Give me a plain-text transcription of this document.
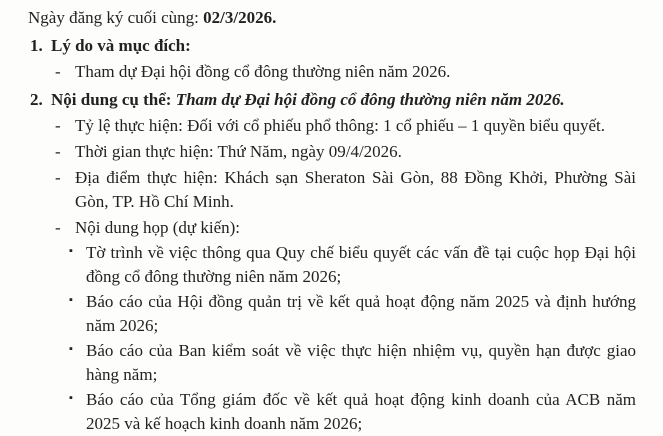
Ngày đăng ký cuối cùng: 02/3/2026.

1. Lý do và mục đích:

- Tham dự Đại hội đồng cổ đông thường niên năm 2026.

2. Nội dung cụ thể: Tham dự Đại hội đồng cổ đông thường niên năm 2026.

- Tỷ lệ thực hiện: Đối với cổ phiếu phổ thông: 1 cổ phiếu – 1 quyền biểu quyết.

- Thời gian thực hiện: Thứ Năm, ngày 09/4/2026.

- Địa điểm thực hiện: Khách sạn Sheraton Sài Gòn, 88 Đồng Khởi, Phường Sài Gòn, TP. Hồ Chí Minh.

- Nội dung họp (dự kiến):

▪ Tờ trình về việc thông qua Quy chế biểu quyết các vấn đề tại cuộc họp Đại hội đồng cổ đông thường niên năm 2026;

▪ Báo cáo của Hội đồng quản trị về kết quả hoạt động năm 2025 và định hướng năm 2026;

▪ Báo cáo của Ban kiểm soát về việc thực hiện nhiệm vụ, quyền hạn được giao hàng năm;

▪ Báo cáo của Tổng giám đốc về kết quả hoạt động kinh doanh của ACB năm 2025 và kế hoạch kinh doanh năm 2026;
